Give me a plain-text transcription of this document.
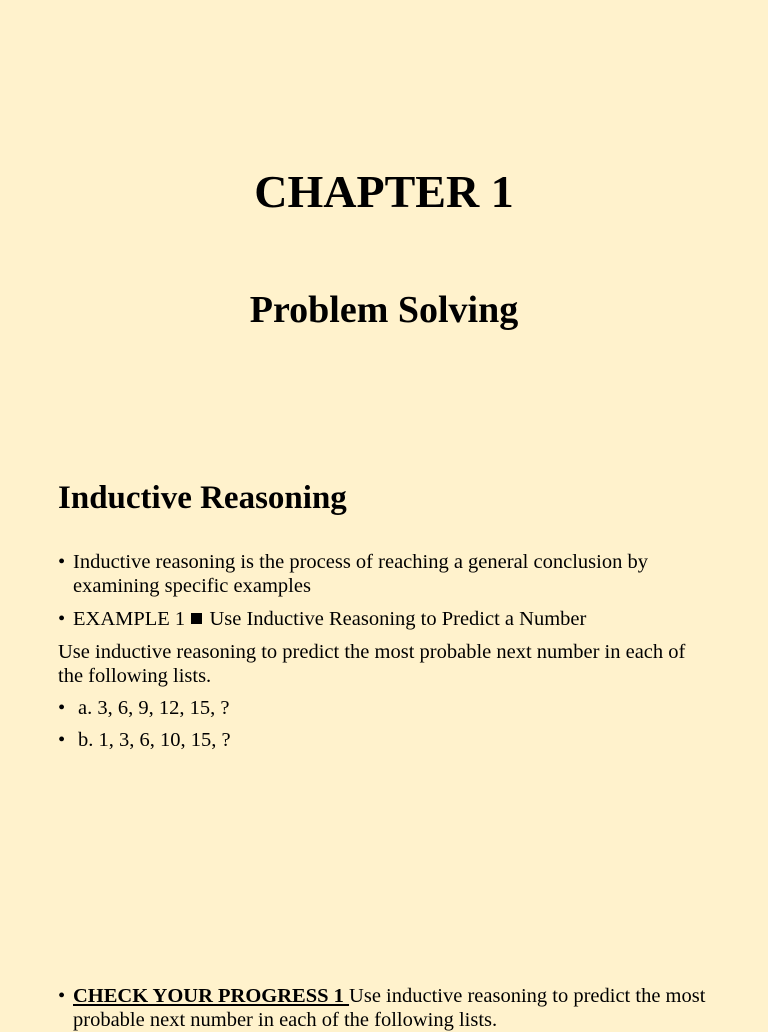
CHAPTER 1
Problem Solving
Inductive Reasoning
• Inductive reasoning is the process of reaching a general conclusion by examining specific examples
• EXAMPLE 1 Use Inductive Reasoning to Predict a Number
Use inductive reasoning to predict the most probable next number in each of the following lists.
• a. 3, 6, 9, 12, 15, ?
• b. 1, 3, 6, 10, 15, ?
• CHECK YOUR PROGRESS 1 Use inductive reasoning to predict the most probable next number in each of the following lists.
